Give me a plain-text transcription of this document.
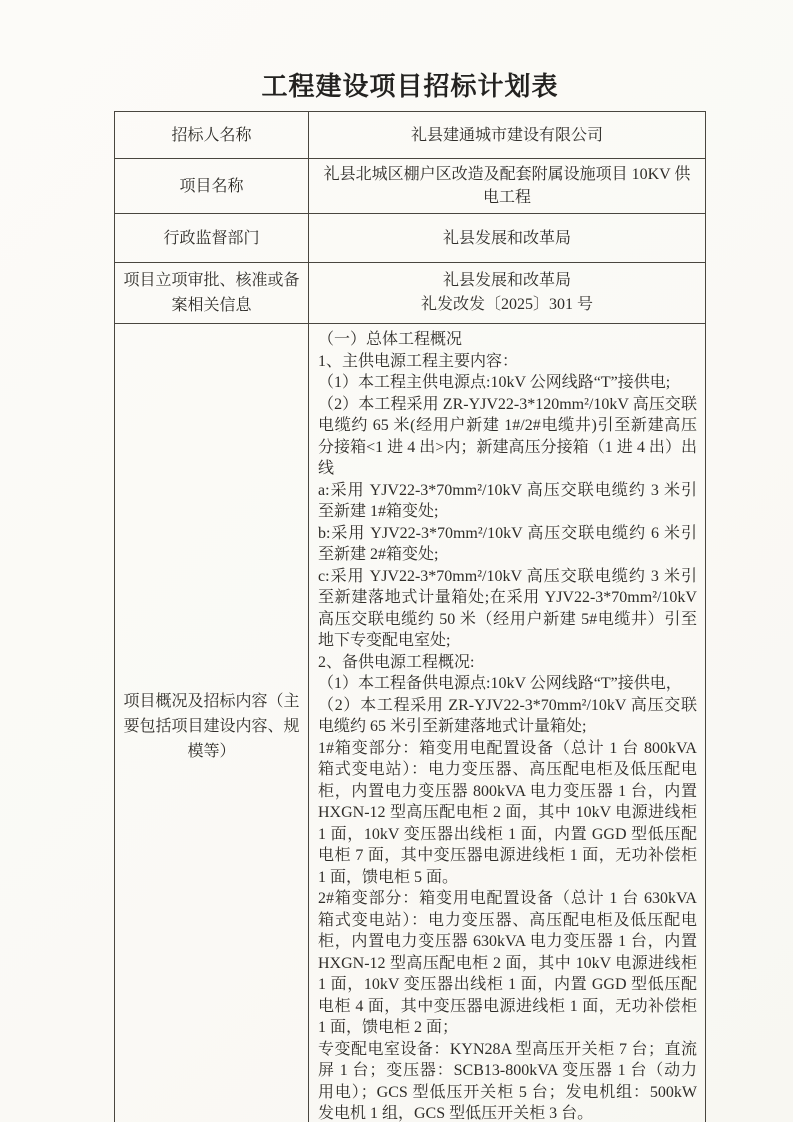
工程建设项目招标计划表
招标人名称	礼县建通城市建设有限公司
项目名称
礼县北城区棚户区改造及配套附属设施项目 10KV 供电工程
行政监督部门	礼县发展和改革局
项目立项审批、核准或备案相关信息
礼县发展和改革局
礼发改发〔2025〕301 号
项目概况及招标内容（主要包括项目建设内容、规模等）

（一）总体工程概况

1、主供电源工程主要内容：

（1）本工程主供电源点:10kV 公网线路“T”接供电;

（2）本工程采用 ZR-YJV22-3*120mm²/10kV 高压交联电缆约 65 米(经用户新建 1#/2#电缆井)引至新建高压分接箱<1 进 4 出>内；新建高压分接箱（1 进 4 出）出线

a:采用 YJV22-3*70mm²/10kV 高压交联电缆约 3 米引至新建 1#箱变处;

b:采用 YJV22-3*70mm²/10kV 高压交联电缆约 6 米引至新建 2#箱变处;

c:采用 YJV22-3*70mm²/10kV 高压交联电缆约 3 米引至新建落地式计量箱处;在采用 YJV22-3*70mm²/10kV 高压交联电缆约 50 米（经用户新建 5#电缆井）引至地下专变配电室处;

2、备供电源工程概况:

（1）本工程备供电源点:10kV 公网线路“T”接供电，

（2）本工程采用 ZR-YJV22-3*70mm²/10kV 高压交联电缆约 65 米引至新建落地式计量箱处;

1#箱变部分：箱变用电配置设备（总计 1 台 800kVA 箱式变电站）：电力变压器、高压配电柜及低压配电柜，内置电力变压器 800kVA 电力变压器 1 台，内置 HXGN-12 型高压配电柜 2 面，其中 10kV 电源进线柜 1 面，10kV 变压器出线柜 1 面，内置 GGD 型低压配电柜 7 面，其中变压器电源进线柜 1 面，无功补偿柜 1 面，馈电柜 5 面。

2#箱变部分：箱变用电配置设备（总计 1 台 630kVA 箱式变电站）：电力变压器、高压配电柜及低压配电柜，内置电力变压器 630kVA 电力变压器 1 台，内置 HXGN-12 型高压配电柜 2 面，其中 10kV 电源进线柜 1 面，10kV 变压器出线柜 1 面，内置 GGD 型低压配电柜 4 面，其中变压器电源进线柜 1 面，无功补偿柜 1 面，馈电柜 2 面；

专变配电室设备：KYN28A 型高压开关柜 7 台；直流屏 1 台；变压器：SCB13-800kVA 变压器 1 台（动力用电）；GCS 型低压开关柜 5 台；发电机组：500kW 发电机 1 组，GCS 型低压开关柜 3 台。
